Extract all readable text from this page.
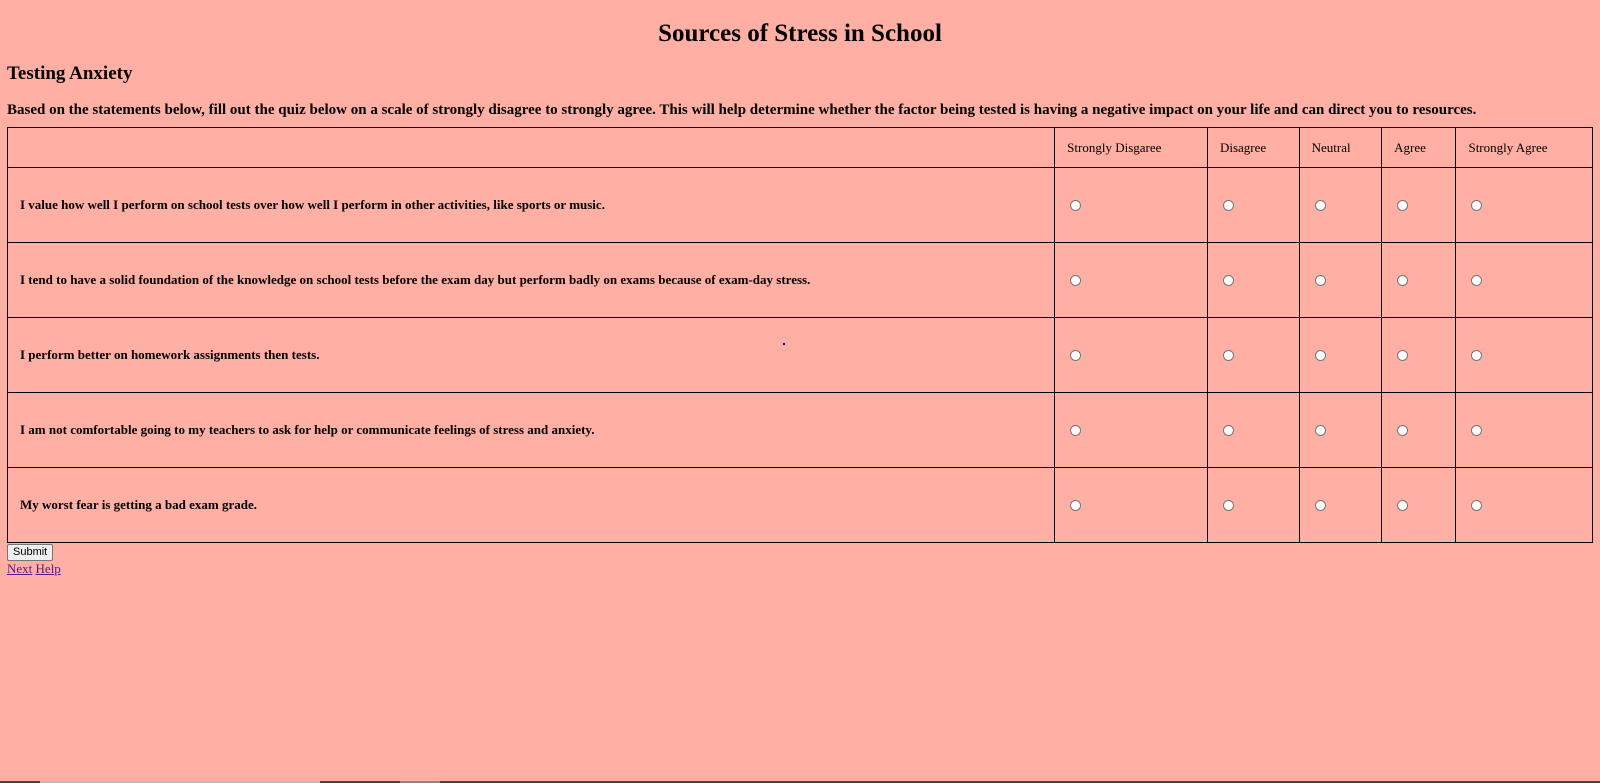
Sources of Stress in School
Testing Anxiety

Based on the statements below, fill out the quiz below on a scale of strongly disagree to strongly agree. This will help determine whether the factor being tested is having a negative impact on your life and can direct you to resources.

	Strongly Disgaree	Disagree	Neutral	Agree	Strongly Agree
I value how well I perform on school tests over how well I perform in other activities, like sports or music.					
I tend to have a solid foundation of the knowledge on school tests before the exam day but perform badly on exams because of exam-day stress.					
I perform better on homework assignments then tests.					
I am not comfortable going to my teachers to ask for help or communicate feelings of stress and anxiety.					
My worst fear is getting a bad exam grade.					
Submit
Next Help
